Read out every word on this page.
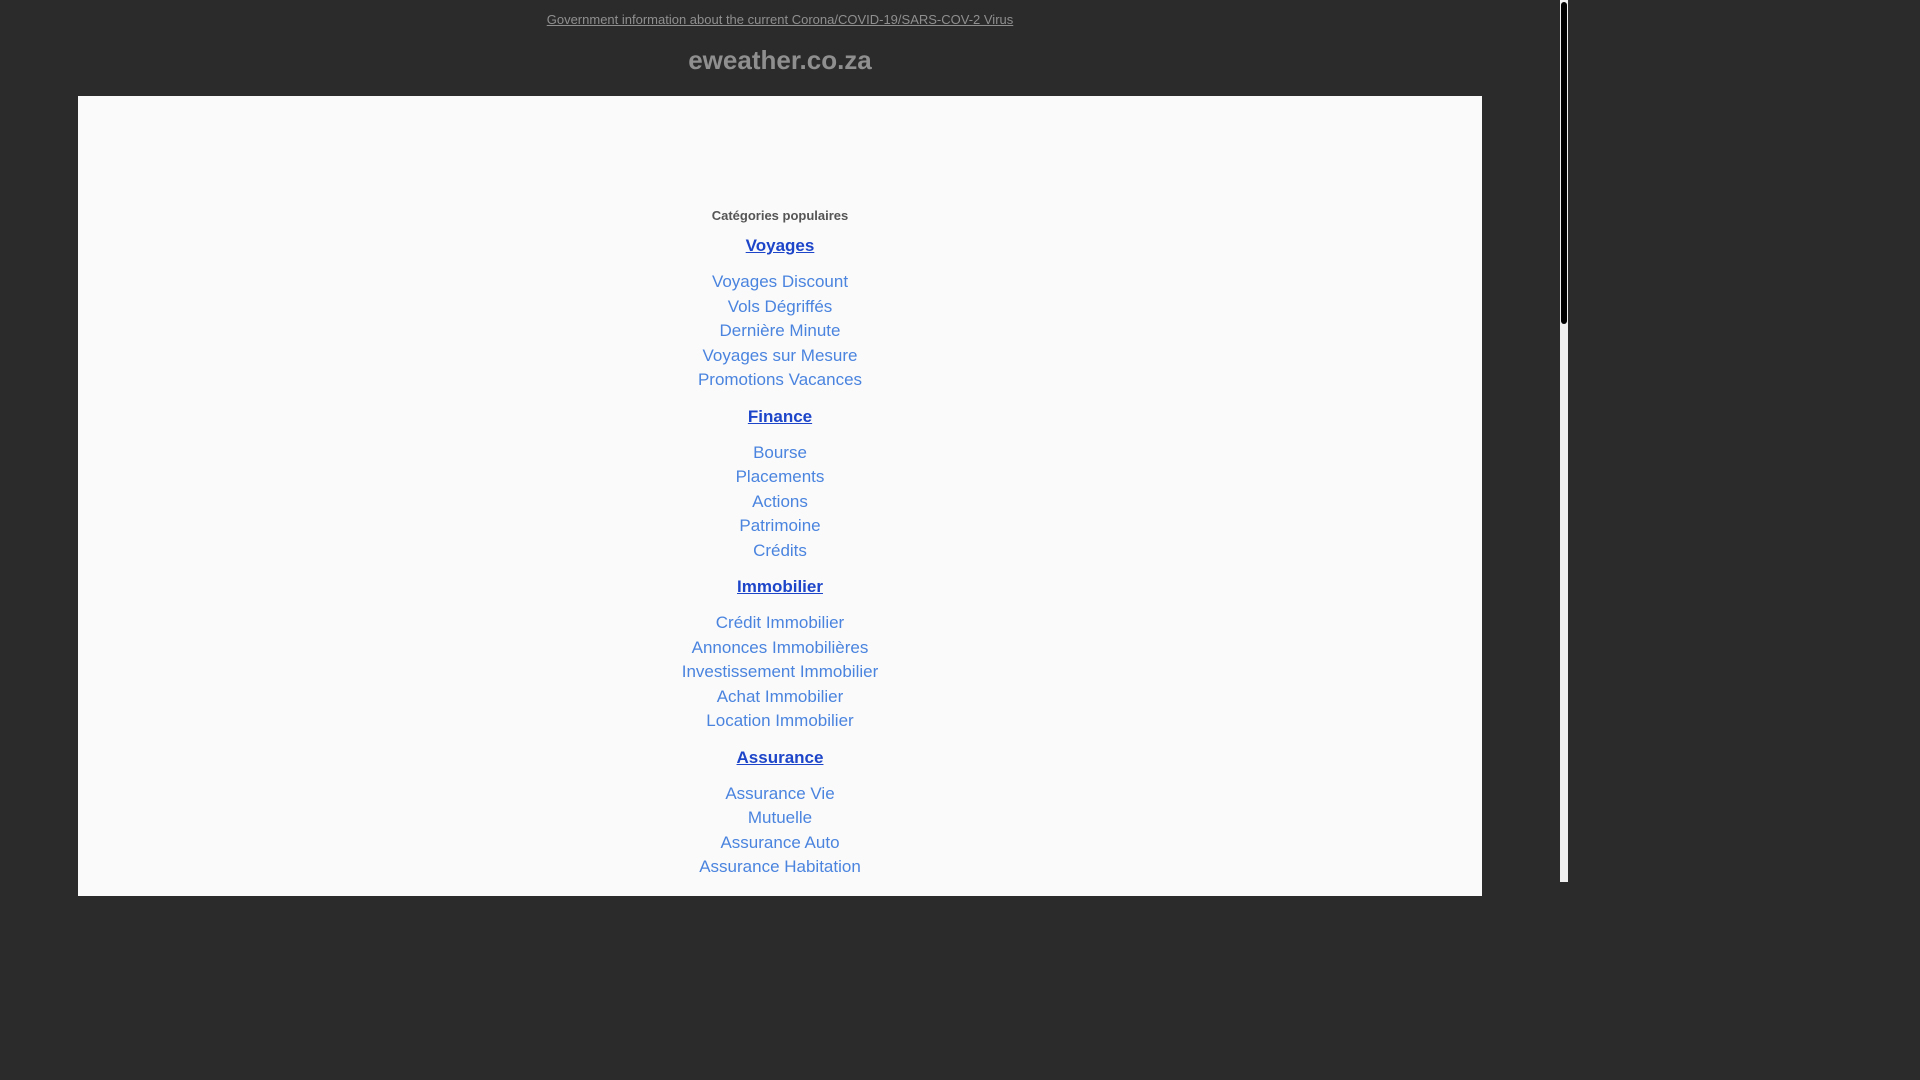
Government information about the current Corona/COVID-19/SARS-COV-2 Virus
eweather.co.za
Catégories populaires
Voyages
Voyages Discount
Vols Dégriffés
Dernière Minute
Voyages sur Mesure
Promotions Vacances
Finance
Bourse
Placements
Actions
Patrimoine
Crédits
Immobilier
Crédit Immobilier
Annonces Immobilières
Investissement Immobilier
Achat Immobilier
Location Immobilier
Assurance
Assurance Vie
Mutuelle
Assurance Auto
Assurance Habitation
